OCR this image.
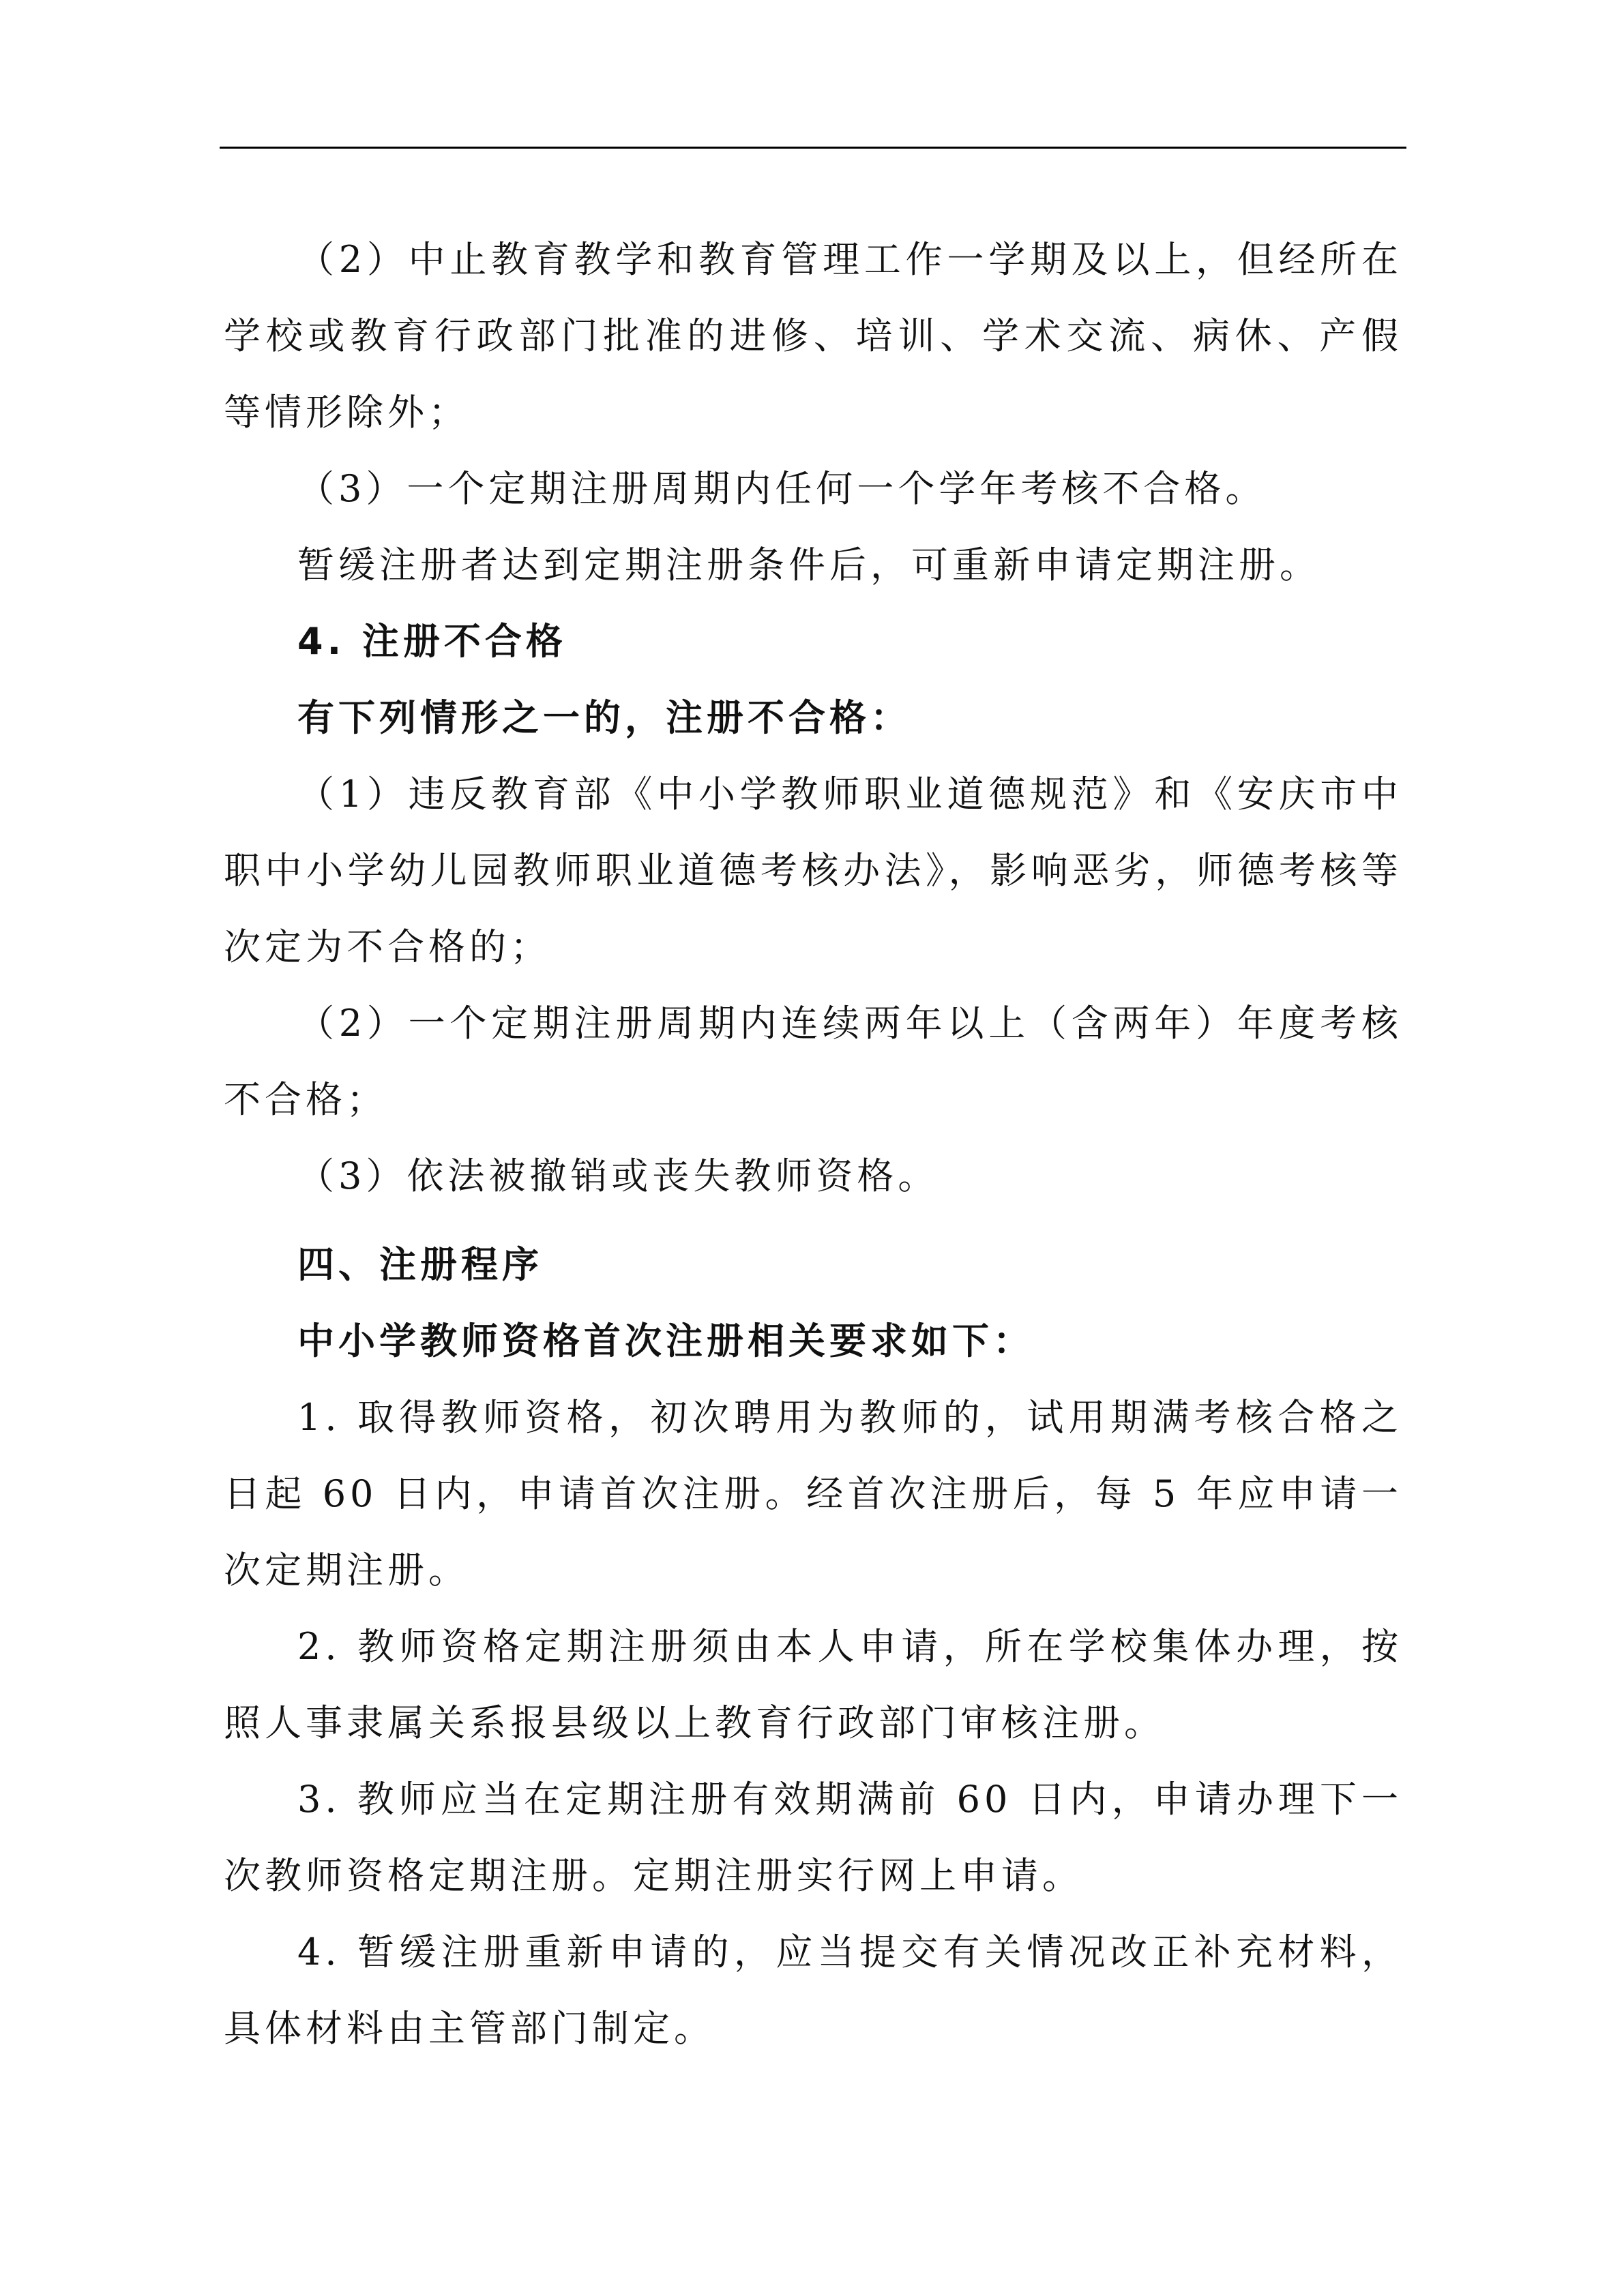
（2）中止教育教学和教育管理工作一学期及以上，但经所在学校或教育行政部门批准的进修、培训、学术交流、病休、产假等情形除外；

（3）一个定期注册周期内任何一个学年考核不合格。

暂缓注册者达到定期注册条件后，可重新申请定期注册。

4. 注册不合格

有下列情形之一的，注册不合格：

（1）违反教育部《中小学教师职业道德规范》和《安庆市中职中小学幼儿园教师职业道德考核办法》，影响恶劣，师德考核等次定为不合格的；

（2）一个定期注册周期内连续两年以上（含两年）年度考核不合格；

（3）依法被撤销或丧失教师资格。

四、注册程序

中小学教师资格首次注册相关要求如下：

1. 取得教师资格，初次聘用为教师的，试用期满考核合格之日起 60 日内，申请首次注册。经首次注册后，每 5 年应申请一次定期注册。

2. 教师资格定期注册须由本人申请，所在学校集体办理，按照人事隶属关系报县级以上教育行政部门审核注册。

3. 教师应当在定期注册有效期满前 60 日内，申请办理下一次教师资格定期注册。定期注册实行网上申请。

4. 暂缓注册重新申请的，应当提交有关情况改正补充材料，具体材料由主管部门制定。
